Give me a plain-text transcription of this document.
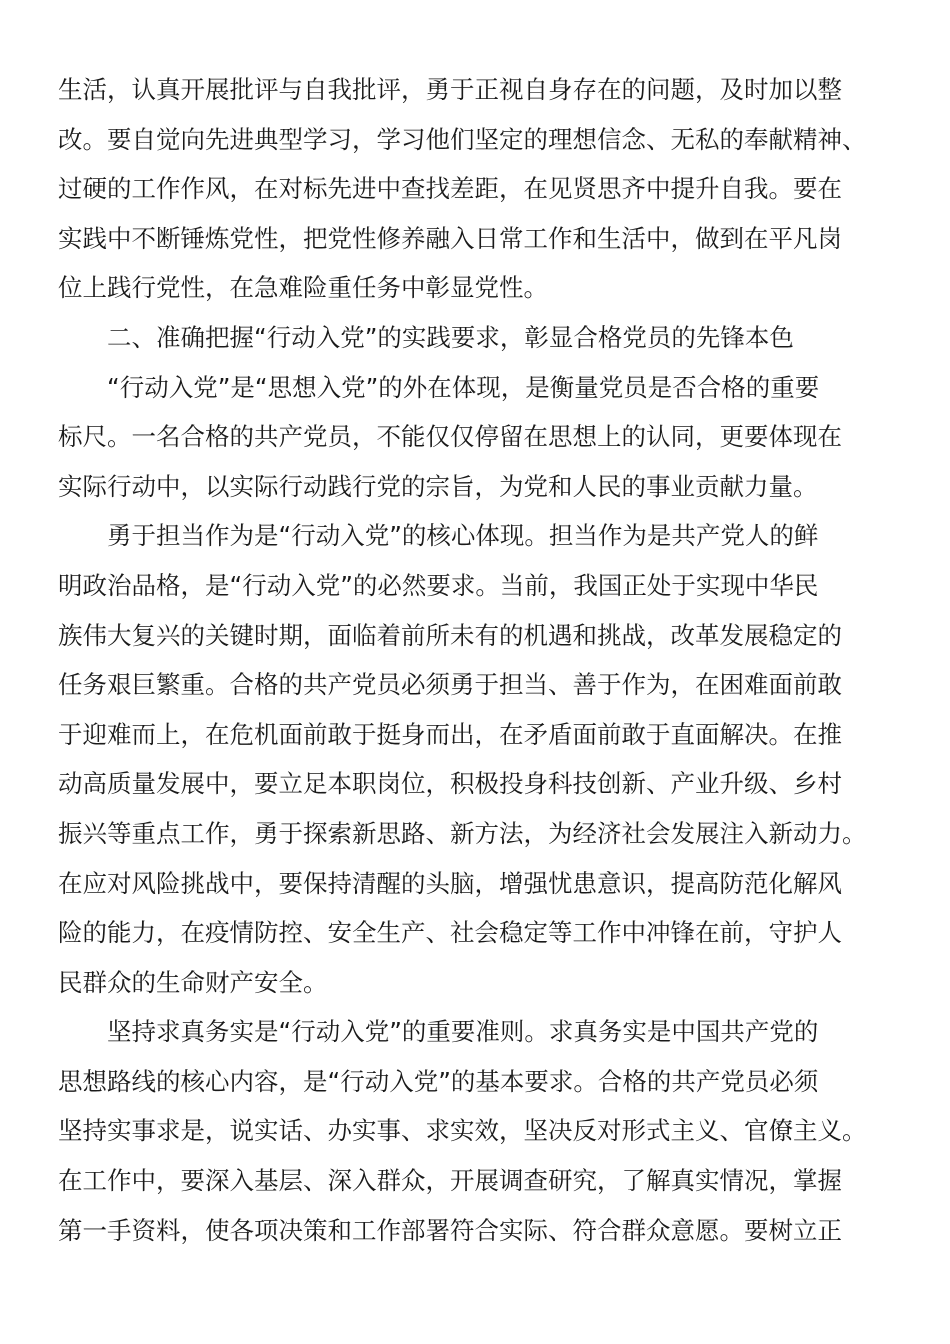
生活，认真开展批评与自我批评，勇于正视自身存在的问题，及时加以整
改。要自觉向先进典型学习，学习他们坚定的理想信念、无私的奉献精神、
过硬的工作作风，在对标先进中查找差距，在见贤思齐中提升自我。要在
实践中不断锤炼党性，把党性修养融入日常工作和生活中，做到在平凡岗
位上践行党性，在急难险重任务中彰显党性。
二、准确把握“行动入党”的实践要求，彰显合格党员的先锋本色
“行动入党”是“思想入党”的外在体现，是衡量党员是否合格的重要
标尺。一名合格的共产党员，不能仅仅停留在思想上的认同，更要体现在
实际行动中，以实际行动践行党的宗旨，为党和人民的事业贡献力量。
勇于担当作为是“行动入党”的核心体现。担当作为是共产党人的鲜
明政治品格，是“行动入党”的必然要求。当前，我国正处于实现中华民
族伟大复兴的关键时期，面临着前所未有的机遇和挑战，改革发展稳定的
任务艰巨繁重。合格的共产党员必须勇于担当、善于作为，在困难面前敢
于迎难而上，在危机面前敢于挺身而出，在矛盾面前敢于直面解决。在推
动高质量发展中，要立足本职岗位，积极投身科技创新、产业升级、乡村
振兴等重点工作，勇于探索新思路、新方法，为经济社会发展注入新动力。
在应对风险挑战中，要保持清醒的头脑，增强忧患意识，提高防范化解风
险的能力，在疫情防控、安全生产、社会稳定等工作中冲锋在前，守护人
民群众的生命财产安全。
坚持求真务实是“行动入党”的重要准则。求真务实是中国共产党的
思想路线的核心内容，是“行动入党”的基本要求。合格的共产党员必须
坚持实事求是，说实话、办实事、求实效，坚决反对形式主义、官僚主义。
在工作中，要深入基层、深入群众，开展调查研究，了解真实情况，掌握
第一手资料，使各项决策和工作部署符合实际、符合群众意愿。要树立正
